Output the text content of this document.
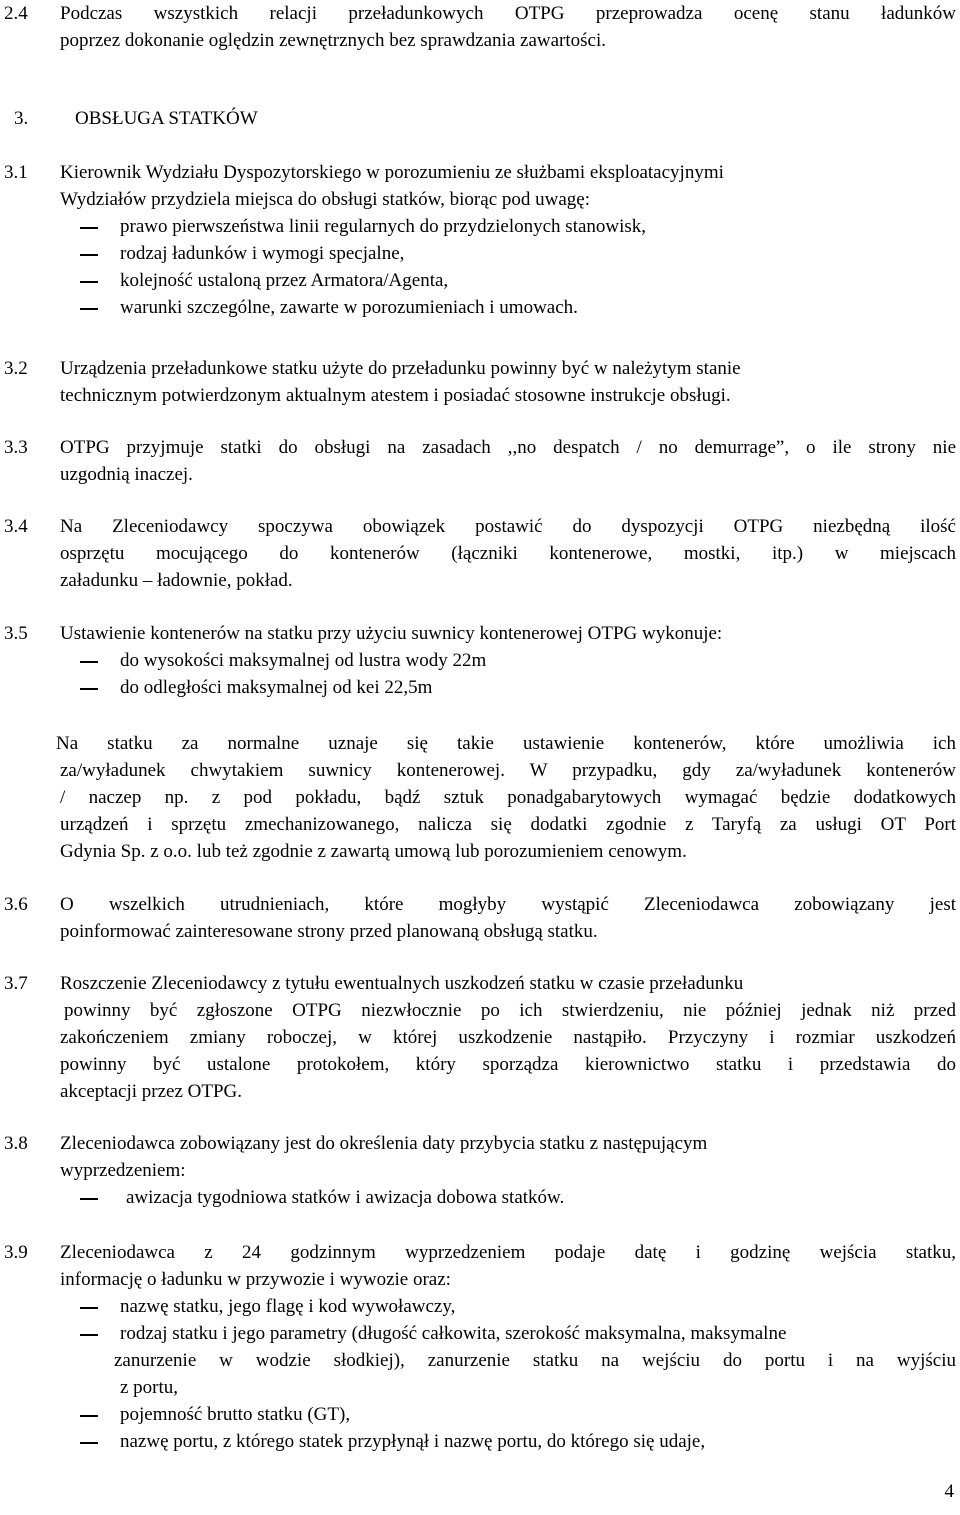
2.4 Podczas wszystkich relacji przeładunkowych OTPG przeprowadza ocenę stanu ładunków
poprzez dokonanie oględzin zewnętrznych bez sprawdzania zawartości.
3. OBSŁUGA STATKÓW
3.1 Kierownik Wydziału Dyspozytorskiego w porozumieniu ze służbami eksploatacyjnymi
Wydziałów przydziela miejsca do obsługi statków, biorąc pod uwagę:
prawo pierwszeństwa linii regularnych do przydzielonych stanowisk,
rodzaj ładunków i wymogi specjalne,
kolejność ustaloną przez Armatora/Agenta,
warunki szczególne, zawarte w porozumieniach i umowach.
3.2 Urządzenia przeładunkowe statku użyte do przeładunku powinny być w należytym stanie
technicznym potwierdzonym aktualnym atestem i posiadać stosowne instrukcje obsługi.
3.3 OTPG przyjmuje statki do obsługi na zasadach ,,no despatch / no demurrage”, o ile strony nie
uzgodnią inaczej.
3.4 Na Zleceniodawcy spoczywa obowiązek postawić do dyspozycji OTPG niezbędną ilość
osprzętu mocującego do kontenerów (łączniki kontenerowe, mostki, itp.) w miejscach
załadunku – ładownie, pokład.
3.5 Ustawienie kontenerów na statku przy użyciu suwnicy kontenerowej OTPG wykonuje:
do wysokości maksymalnej od lustra wody 22m
do odległości maksymalnej od kei 22,5m
Na statku za normalne uznaje się takie ustawienie kontenerów, które umożliwia ich
za/wyładunek chwytakiem suwnicy kontenerowej. W przypadku, gdy za/wyładunek kontenerów
/ naczep np. z pod pokładu, bądź sztuk ponadgabarytowych wymagać będzie dodatkowych
urządzeń i sprzętu zmechanizowanego, nalicza się dodatki zgodnie z Taryfą za usługi OT Port
Gdynia Sp. z o.o. lub też zgodnie z zawartą umową lub porozumieniem cenowym.
3.6 O wszelkich utrudnieniach, które mogłyby wystąpić Zleceniodawca zobowiązany jest
poinformować zainteresowane strony przed planowaną obsługą statku.
3.7 Roszczenie Zleceniodawcy z tytułu ewentualnych uszkodzeń statku w czasie przeładunku
powinny być zgłoszone OTPG niezwłocznie po ich stwierdzeniu, nie później jednak niż przed
zakończeniem zmiany roboczej, w której uszkodzenie nastąpiło. Przyczyny i rozmiar uszkodzeń
powinny być ustalone protokołem, który sporządza kierownictwo statku i przedstawia do
akceptacji przez OTPG.
3.8 Zleceniodawca zobowiązany jest do określenia daty przybycia statku z następującym
wyprzedzeniem:
awizacja tygodniowa statków i awizacja dobowa statków.
3.9 Zleceniodawca z 24 godzinnym wyprzedzeniem podaje datę i godzinę wejścia statku,
informację o ładunku w przywozie i wywozie oraz:
nazwę statku, jego flagę i kod wywoławczy,
rodzaj statku i jego parametry (długość całkowita, szerokość maksymalna, maksymalne
zanurzenie w wodzie słodkiej), zanurzenie statku na wejściu do portu i na wyjściu
z portu,
pojemność brutto statku (GT),
nazwę portu, z którego statek przypłynął i nazwę portu, do którego się udaje,
4
